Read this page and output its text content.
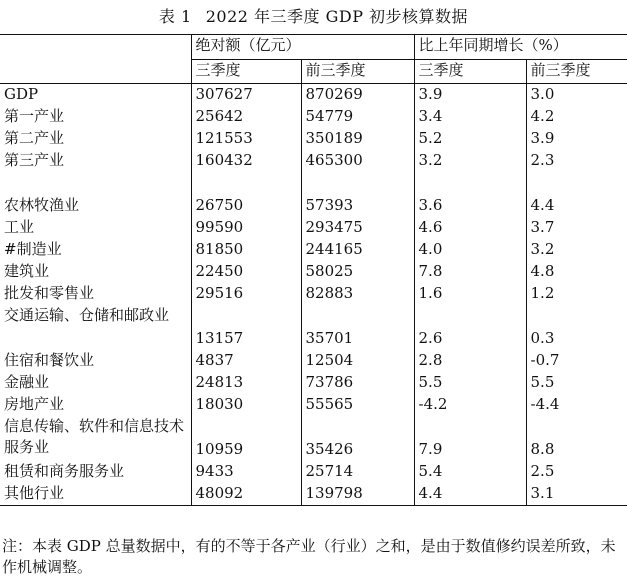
表 1 2022 年三季度 GDP 初步核算数据
	绝对额（亿元）		比上年同期增长（%）	
	三季度	前三季度	三季度	前三季度
GDP	307627	870269	3.9	3.0
第一产业	25642	54779	3.4	4.2
第二产业	121553	350189	5.2	3.9
第三产业	160432	465300	3.2	2.3

农林牧渔业	26750	57393	3.6	4.4
工业	99590	293475	4.6	3.7
#制造业	81850	244165	4.0	3.2
建筑业	22450	58025	7.8	4.8
批发和零售业	29516	82883	1.6	1.2
交通运输、仓储和邮政业	13157	35701	2.6	0.3
住宿和餐饮业	4837	12504	2.8	-0.7
金融业	24813	73786	5.5	5.5
房地产业	18030	55565	-4.2	-4.4
信息传输、软件和信息技术服务业	10959	35426	7.9	8.8
租赁和商务服务业	9433	25714	5.4	2.5
其他行业	48092	139798	4.4	3.1
注：本表 GDP 总量数据中，有的不等于各产业（行业）之和，是由于数值修约误差所致，未作机械调整。
